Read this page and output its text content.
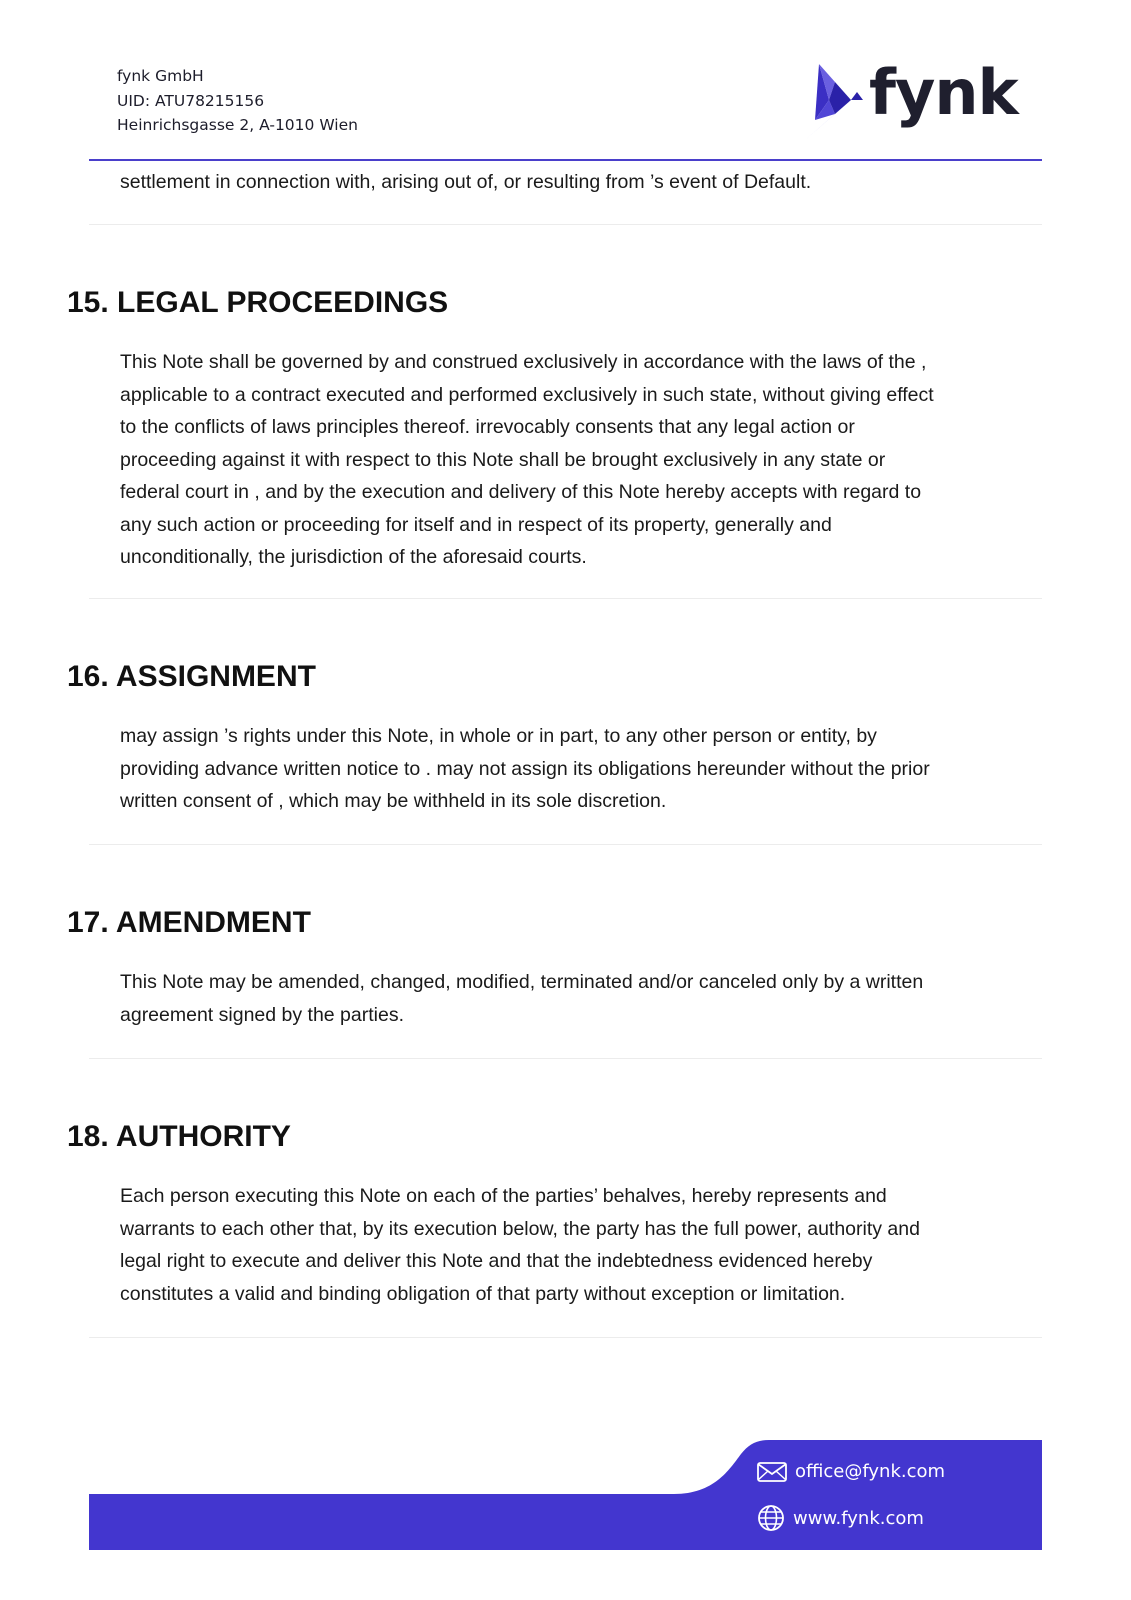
fynk GmbH
UID: ATU78215156
Heinrichsgasse 2, A-1010 Wien	fynk
settlement in connection with, arising out of, or resulting from ’s event of Default.
15. LEGAL PROCEEDINGS
This Note shall be governed by and construed exclusively in accordance with the laws of the ,
applicable to a contract executed and performed exclusively in such state, without giving effect
to the conflicts of laws principles thereof. irrevocably consents that any legal action or
proceeding against it with respect to this Note shall be brought exclusively in any state or
federal court in , and by the execution and delivery of this Note hereby accepts with regard to
any such action or proceeding for itself and in respect of its property, generally and
unconditionally, the jurisdiction of the aforesaid courts.
16. ASSIGNMENT
may assign ’s rights under this Note, in whole or in part, to any other person or entity, by
providing advance written notice to . may not assign its obligations hereunder without the prior
written consent of , which may be withheld in its sole discretion.
17. AMENDMENT
This Note may be amended, changed, modified, terminated and/or canceled only by a written
agreement signed by the parties.
18. AUTHORITY
Each person executing this Note on each of the parties’ behalves, hereby represents and
warrants to each other that, by its execution below, the party has the full power, authority and
legal right to execute and deliver this Note and that the indebtedness evidenced hereby
constitutes a valid and binding obligation of that party without exception or limitation.
office@fynk.com
www.fynk.com
